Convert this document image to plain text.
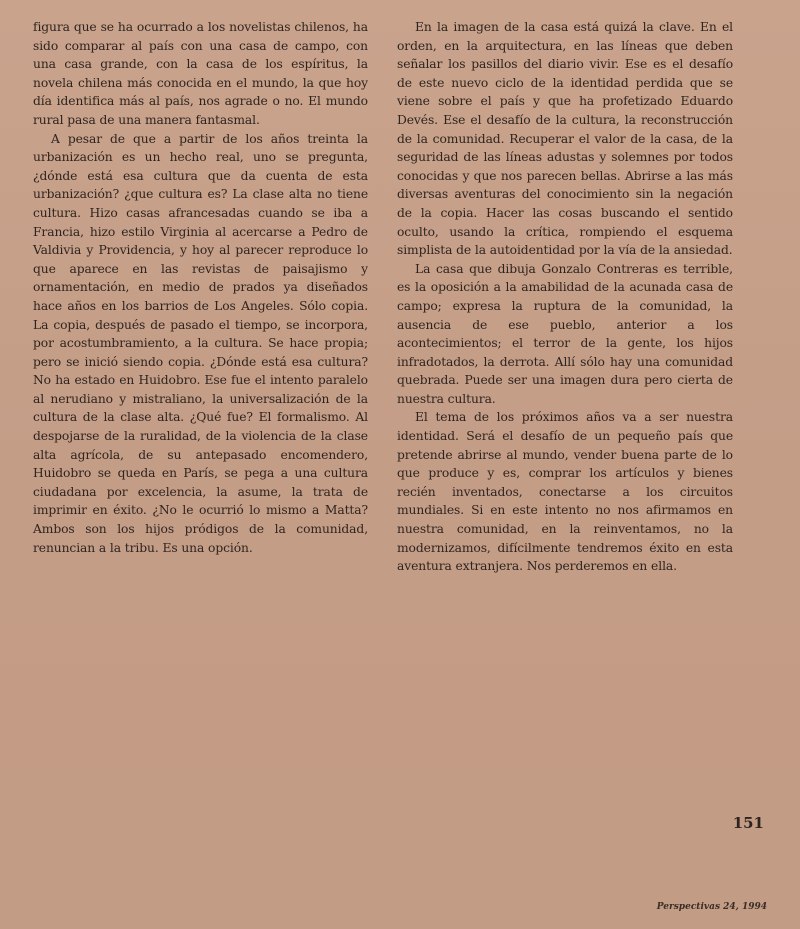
figura que se ha ocurrado a los novelistas chilenos, ha sido comparar al país con una casa de campo, con una casa grande, con la casa de los espíritus, la novela chilena más conocida en el mundo, la que hoy día identifica más al país, nos agrade o no. El mundo rural pasa de una manera fantasmal.

A pesar de que a partir de los años treinta la urbanización es un hecho real, uno se pregunta, ¿dónde está esa cultura que da cuenta de esta urbanización? ¿que cultura es? La clase alta no tiene cultura. Hizo casas afrancesadas cuando se iba a Francia, hizo estilo Virginia al acercarse a Pedro de Valdivia y Providencia, y hoy al parecer reproduce lo que aparece en las revistas de paisajismo y ornamentación, en medio de prados ya diseñados hace años en los barrios de Los Angeles. Sólo copia. La copia, después de pasado el tiempo, se incorpora, por acostumbramiento, a la cultura. Se hace propia; pero se inició siendo copia. ¿Dónde está esa cultura? No ha estado en Huidobro. Ese fue el intento paralelo al nerudiano y mistraliano, la universalización de la cultura de la clase alta. ¿Qué fue? El formalismo. Al despojarse de la ruralidad, de la violencia de la clase alta agrícola, de su antepasado encomendero, Huidobro se queda en París, se pega a una cultura ciudadana por excelencia, la asume, la trata de imprimir en éxito. ¿No le ocurrió lo mismo a Matta? Ambos son los hijos pródigos de la comunidad, renuncian a la tribu. Es una opción.

En la imagen de la casa está quizá la clave. En el orden, en la arquitectura, en las líneas que deben señalar los pasillos del diario vivir. Ese es el desafío de este nuevo ciclo de la identidad perdida que se viene sobre el país y que ha profetizado Eduardo Devés. Ese el desafío de la cultura, la reconstrucción de la comunidad. Recuperar el valor de la casa, de la seguridad de las líneas adustas y solemnes por todos conocidas y que nos parecen bellas. Abrirse a las más diversas aventuras del conocimiento sin la negación de la copia. Hacer las cosas buscando el sentido oculto, usando la crítica, rompiendo el esquema simplista de la autoidentidad por la vía de la ansiedad.

La casa que dibuja Gonzalo Contreras es terrible, es la oposición a la amabilidad de la acunada casa de campo; expresa la ruptura de la comunidad, la ausencia de ese pueblo, anterior a los acontecimientos; el terror de la gente, los hijos infradotados, la derrota. Allí sólo hay una comunidad quebrada. Puede ser una imagen dura pero cierta de nuestra cultura.

El tema de los próximos años va a ser nuestra identidad. Será el desafío de un pequeño país que pretende abrirse al mundo, vender buena parte de lo que produce y es, comprar los artículos y bienes recién inventados, conectarse a los circuitos mundiales. Si en este intento no nos afirmamos en nuestra comunidad, en la reinventamos, no la modernizamos, difícilmente tendremos éxito en esta aventura extranjera. Nos perderemos en ella.

151
Perspectivas 24, 1994
